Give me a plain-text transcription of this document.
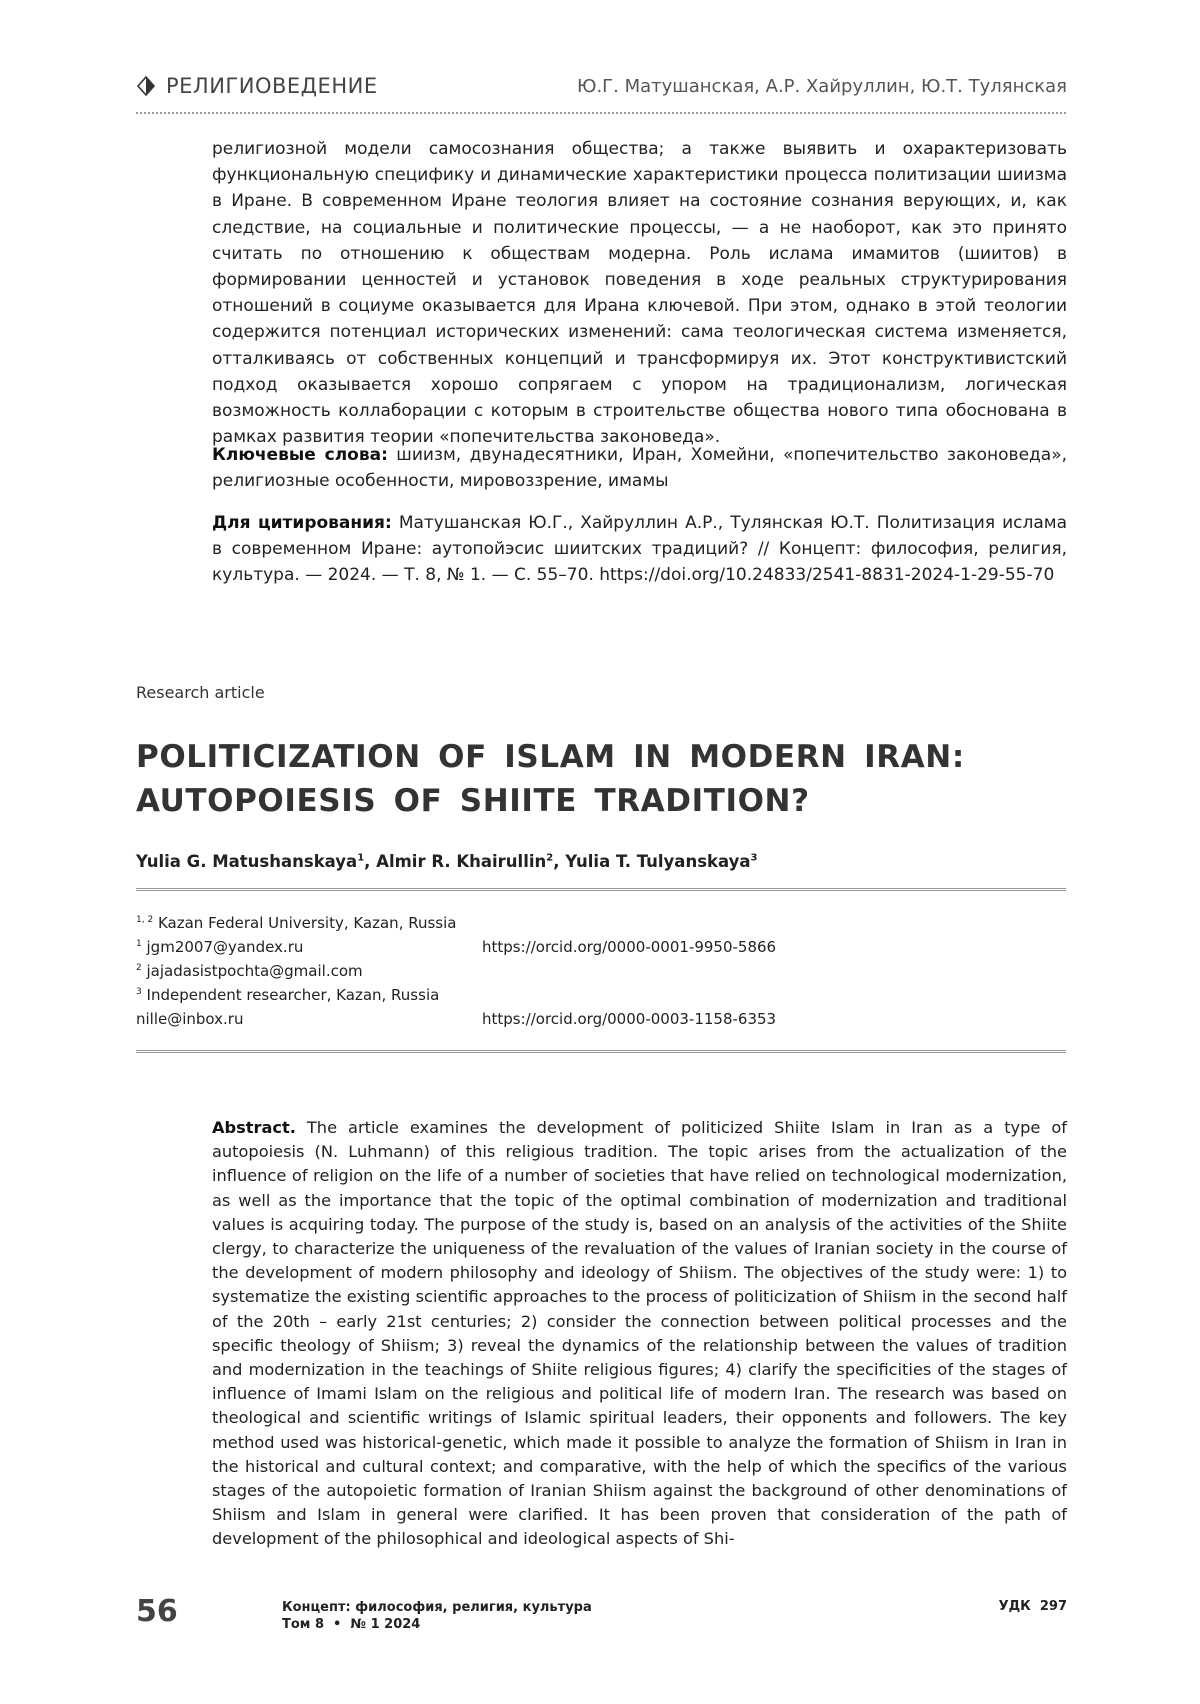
РЕЛИГИОВЕДЕНИЕ	Ю.Г. Матушанская, А.Р. Хайруллин, Ю.Т. Тулянская
религиозной модели самосознания общества; а также выявить и охарактеризовать функциональную специфику и динамические характеристики процесса политизации шиизма в Иране. В современном Иране теология влияет на состояние сознания верующих, и, как следствие, на социальные и политические процессы, — а не наоборот, как это принято считать по отношению к обществам модерна. Роль ислама имамитов (шиитов) в формировании ценностей и установок поведения в ходе реальных структурирования отношений в социуме оказывается для Ирана ключевой. При этом, однако в этой теологии содержится потенциал исторических изменений: сама теологическая система изменяется, отталкиваясь от собственных концепций и трансформируя их. Этот конструктивистский подход оказывается хорошо сопрягаем с упором на традиционализм, логическая возможность коллаборации с которым в строительстве общества нового типа обоснована в рамках развития теории «попечительства законоведа».
Ключевые слова: шиизм, двунадесятники, Иран, Хомейни, «попечительство законоведа», религиозные особенности, мировоззрение, имамы
Для цитирования: Матушанская Ю.Г., Хайруллин А.Р., Тулянская Ю.Т. Политизация ислама в современном Иране: аутопойэсис шиитских традиций? // Концепт: философия, религия, культура. — 2024. — Т. 8, № 1. — С. 55–70. https://doi.org/10.24833/2541-8831-2024-1-29-55-70
Research article
POLITICIZATION OF ISLAM IN MODERN IRAN:
AUTOPOIESIS OF SHIITE TRADITION?
Yulia G. Matushanskaya$^1$, Almir R. Khairullin$^2$, Yulia T. Tulyanskaya$^3$
$^{1, 2}$ Kazan Federal University, Kazan, Russia
$^1$ jgm2007@yandex.ru	https://orcid.org/0000-0001-9950-5866
$^2$ jajadasistpochta@gmail.com
$^3$ Independent researcher, Kazan, Russia
nille@inbox.ru	https://orcid.org/0000-0003-1158-6353
Abstract. The article examines the development of politicized Shiite Islam in Iran as a type of autopoiesis (N. Luhmann) of this religious tradition. The topic arises from the actualization of the influence of religion on the life of a number of societies that have relied on technological modernization, as well as the importance that the topic of the optimal combination of modernization and traditional values is acquiring today. The purpose of the study is, based on an analysis of the activities of the Shiite clergy, to characterize the uniqueness of the revaluation of the values of Iranian society in the course of the development of modern philosophy and ideology of Shiism. The objectives of the study were: 1) to systematize the existing scientific approaches to the process of politicization of Shiism in the second half of the 20th – early 21st centuries; 2) consider the connection between political processes and the specific theology of Shiism; 3) reveal the dynamics of the relationship between the values of tradition and modernization in the teachings of Shiite religious figures; 4) clarify the specificities of the stages of influence of Imami Islam on the religious and political life of modern Iran. The research was based on theological and scientific writings of Islamic spiritual leaders, their opponents and followers. The key method used was historical-genetic, which made it possible to analyze the formation of Shiism in Iran in the historical and cultural context; and comparative, with the help of which the specifics of the various stages of the autopoietic formation of Iranian Shiism against the background of other denominations of Shiism and Islam in general were clarified. It has been proven that consideration of the path of development of the philosophical and ideological aspects of Shi-
56	Концепт: философия, религия, культура
Том 8  •  № 1 2024
УДК  297
